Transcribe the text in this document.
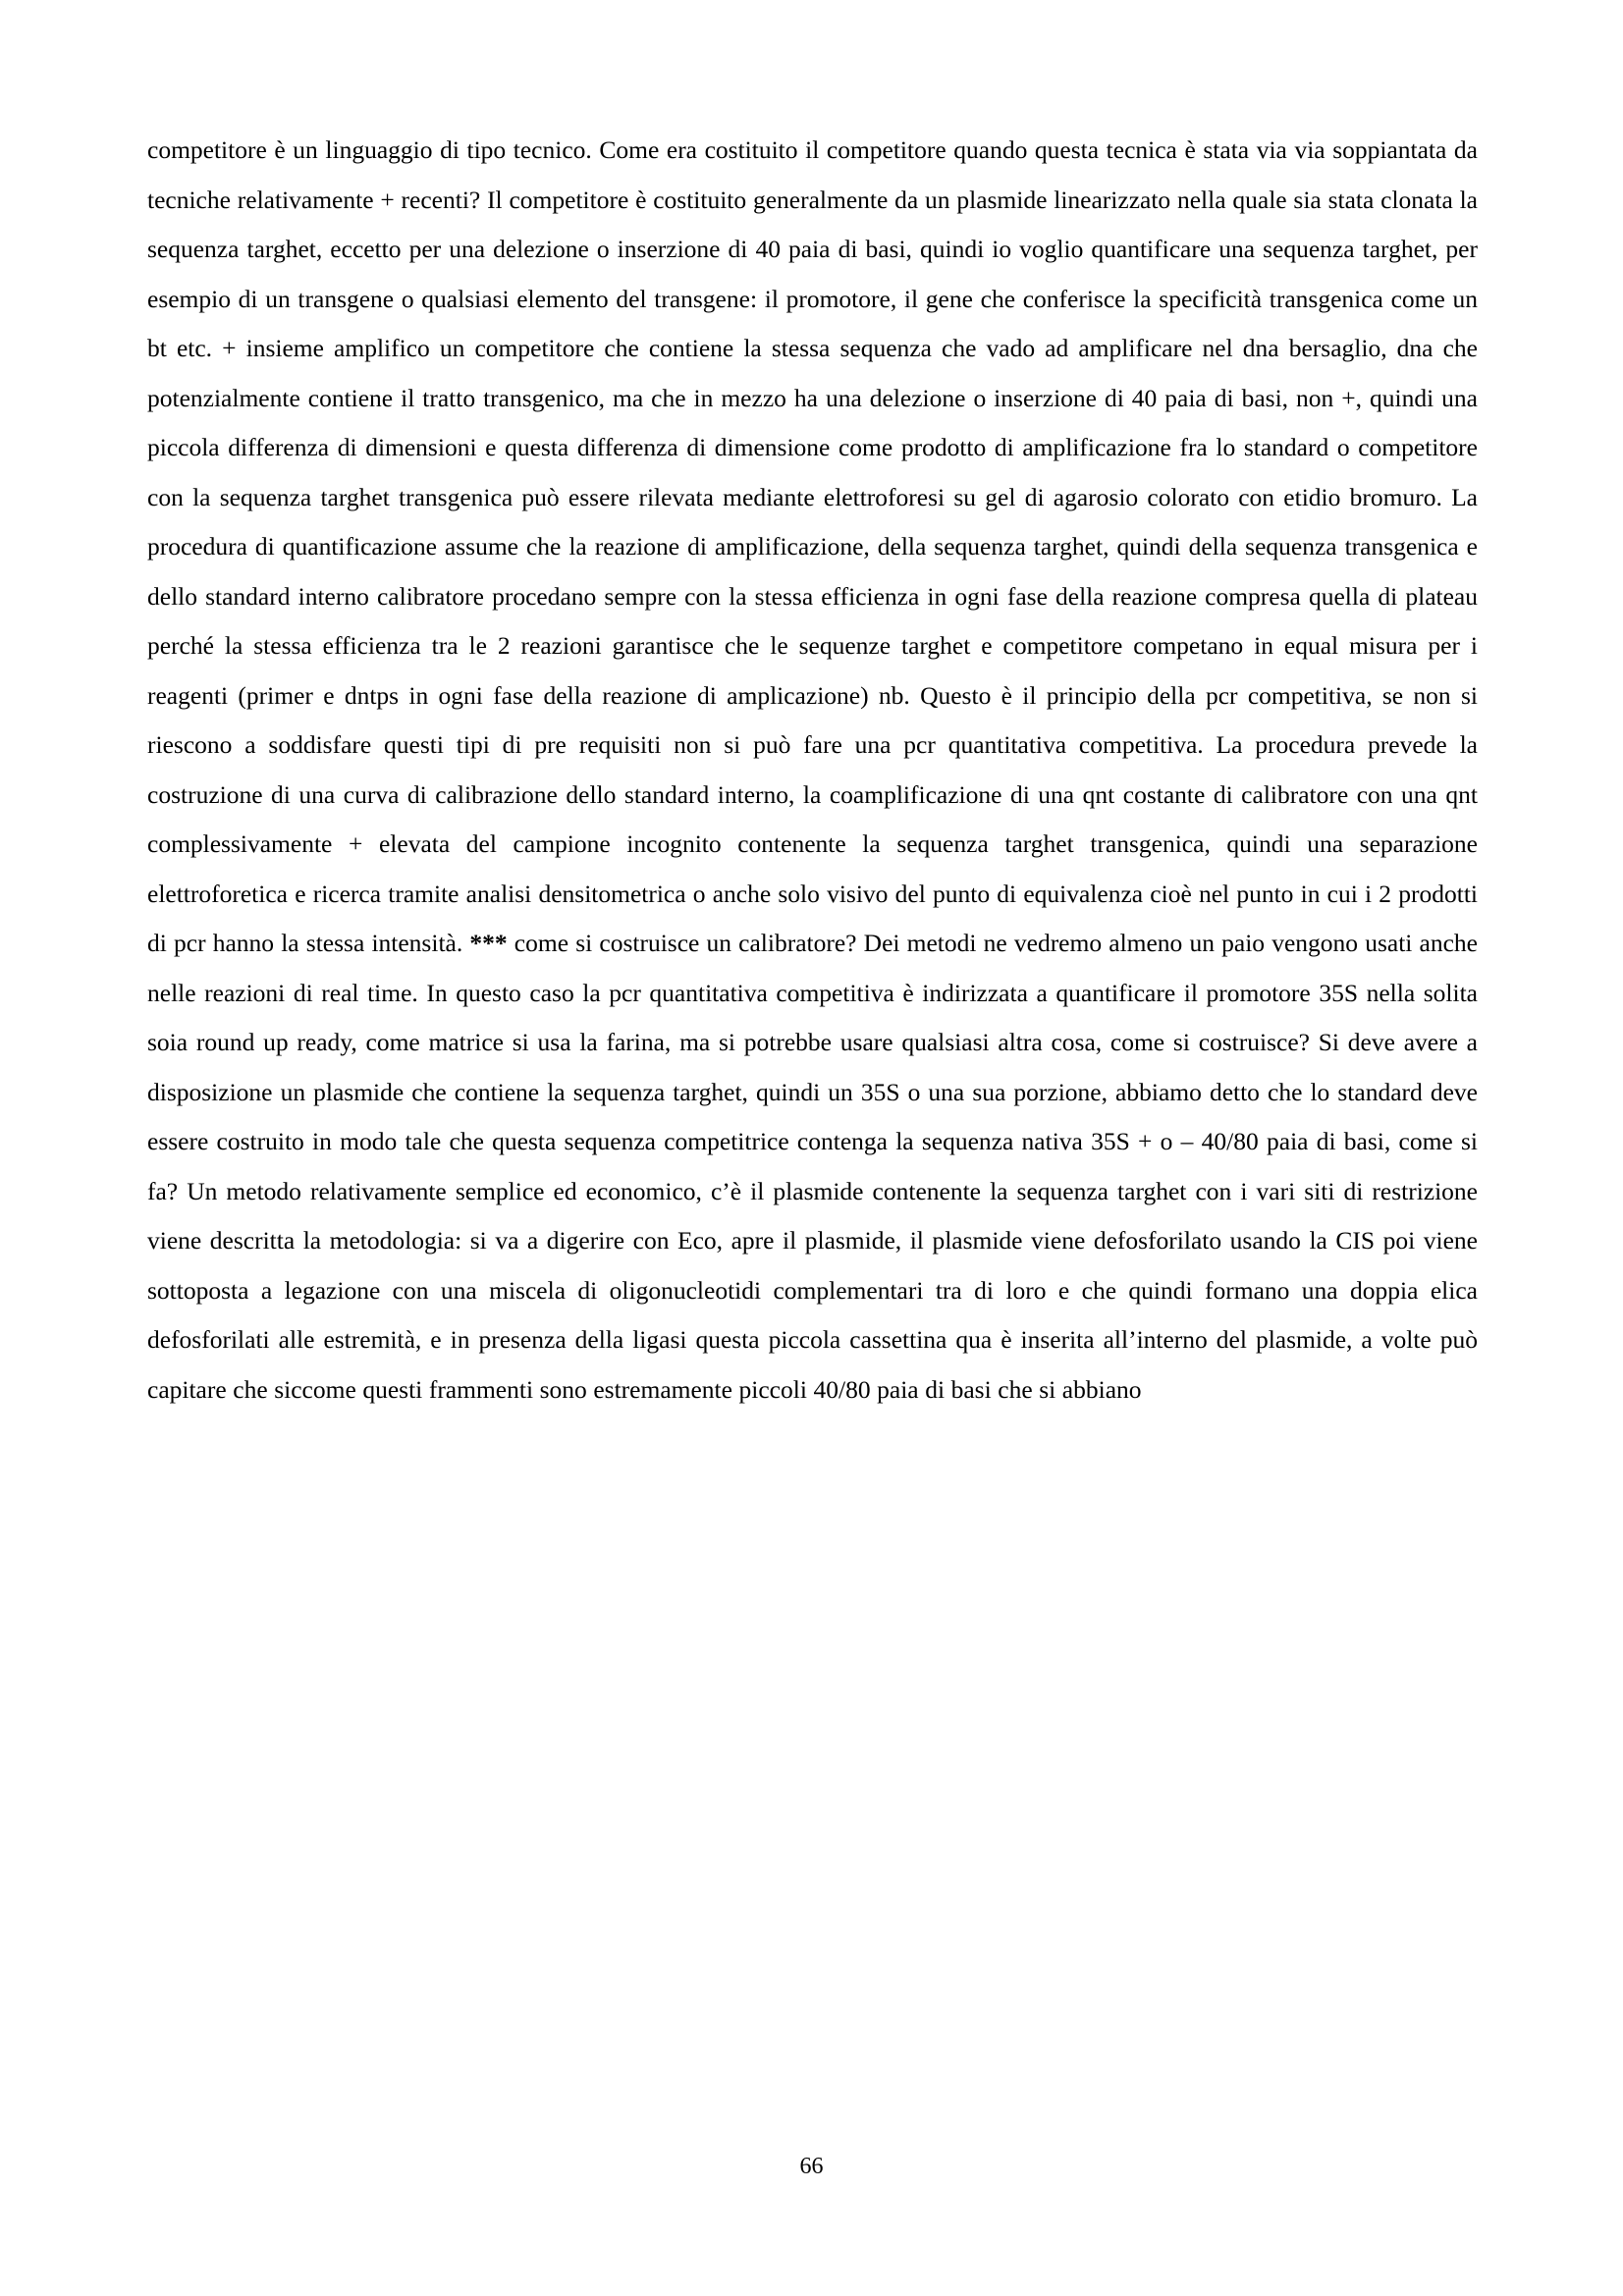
competitore è un linguaggio di tipo tecnico. Come era costituito il competitore quando questa tecnica è stata via via soppiantata da tecniche relativamente + recenti? Il competitore è costituito generalmente da un plasmide linearizzato nella quale sia stata clonata la sequenza targhet, eccetto per una delezione o inserzione di 40 paia di basi, quindi io voglio quantificare una sequenza targhet, per esempio di un transgene o qualsiasi elemento del transgene: il promotore, il gene che conferisce la specificità transgenica come un bt etc. + insieme amplifico un competitore che contiene la stessa sequenza che vado ad amplificare nel dna bersaglio, dna che potenzialmente contiene il tratto transgenico, ma che in mezzo ha una delezione o inserzione di 40 paia di basi, non +, quindi una piccola differenza di dimensioni e questa differenza di dimensione come prodotto di amplificazione fra lo standard o competitore con la sequenza targhet transgenica può essere rilevata mediante elettroforesi su gel di agarosio colorato con etidio bromuro. La procedura di quantificazione assume che la reazione di amplificazione, della sequenza targhet, quindi della sequenza transgenica e dello standard interno calibratore procedano sempre con la stessa efficienza in ogni fase della reazione compresa quella di plateau perché la stessa efficienza tra le 2 reazioni garantisce che le sequenze targhet e competitore competano in equal misura per i reagenti (primer e dntps in ogni fase della reazione di amplicazione) nb. Questo è il principio della pcr competitiva, se non si riescono a soddisfare questi tipi di pre requisiti non si può fare una pcr quantitativa competitiva. La procedura prevede la costruzione di una curva di calibrazione dello standard interno, la coamplificazione di una qnt costante di calibratore con una qnt complessivamente + elevata del campione incognito contenente la sequenza targhet transgenica, quindi una separazione elettroforetica e ricerca tramite analisi densitometrica o anche solo visivo del punto di equivalenza cioè nel punto in cui i 2 prodotti di pcr hanno la stessa intensità. *** come si costruisce un calibratore? Dei metodi ne vedremo almeno un paio vengono usati anche nelle reazioni di real time. In questo caso la pcr quantitativa competitiva è indirizzata a quantificare il promotore 35S nella solita soia round up ready, come matrice si usa la farina, ma si potrebbe usare qualsiasi altra cosa, come si costruisce? Si deve avere a disposizione un plasmide che contiene la sequenza targhet, quindi un 35S o una sua porzione, abbiamo detto che lo standard deve essere costruito in modo tale che questa sequenza competitrice contenga la sequenza nativa 35S + o – 40/80 paia di basi, come si fa? Un metodo relativamente semplice ed economico, c’è il plasmide contenente la sequenza targhet con i vari siti di restrizione viene descritta la metodologia: si va a digerire con Eco, apre il plasmide, il plasmide viene defosforilato usando la CIS poi viene sottoposta a legazione con una miscela di oligonucleotidi complementari tra di loro e che quindi formano una doppia elica defosforilati alle estremità, e in presenza della ligasi questa piccola cassettina qua è inserita all’interno del plasmide, a volte può capitare che siccome questi frammenti sono estremamente piccoli 40/80 paia di basi che si abbiano

66
